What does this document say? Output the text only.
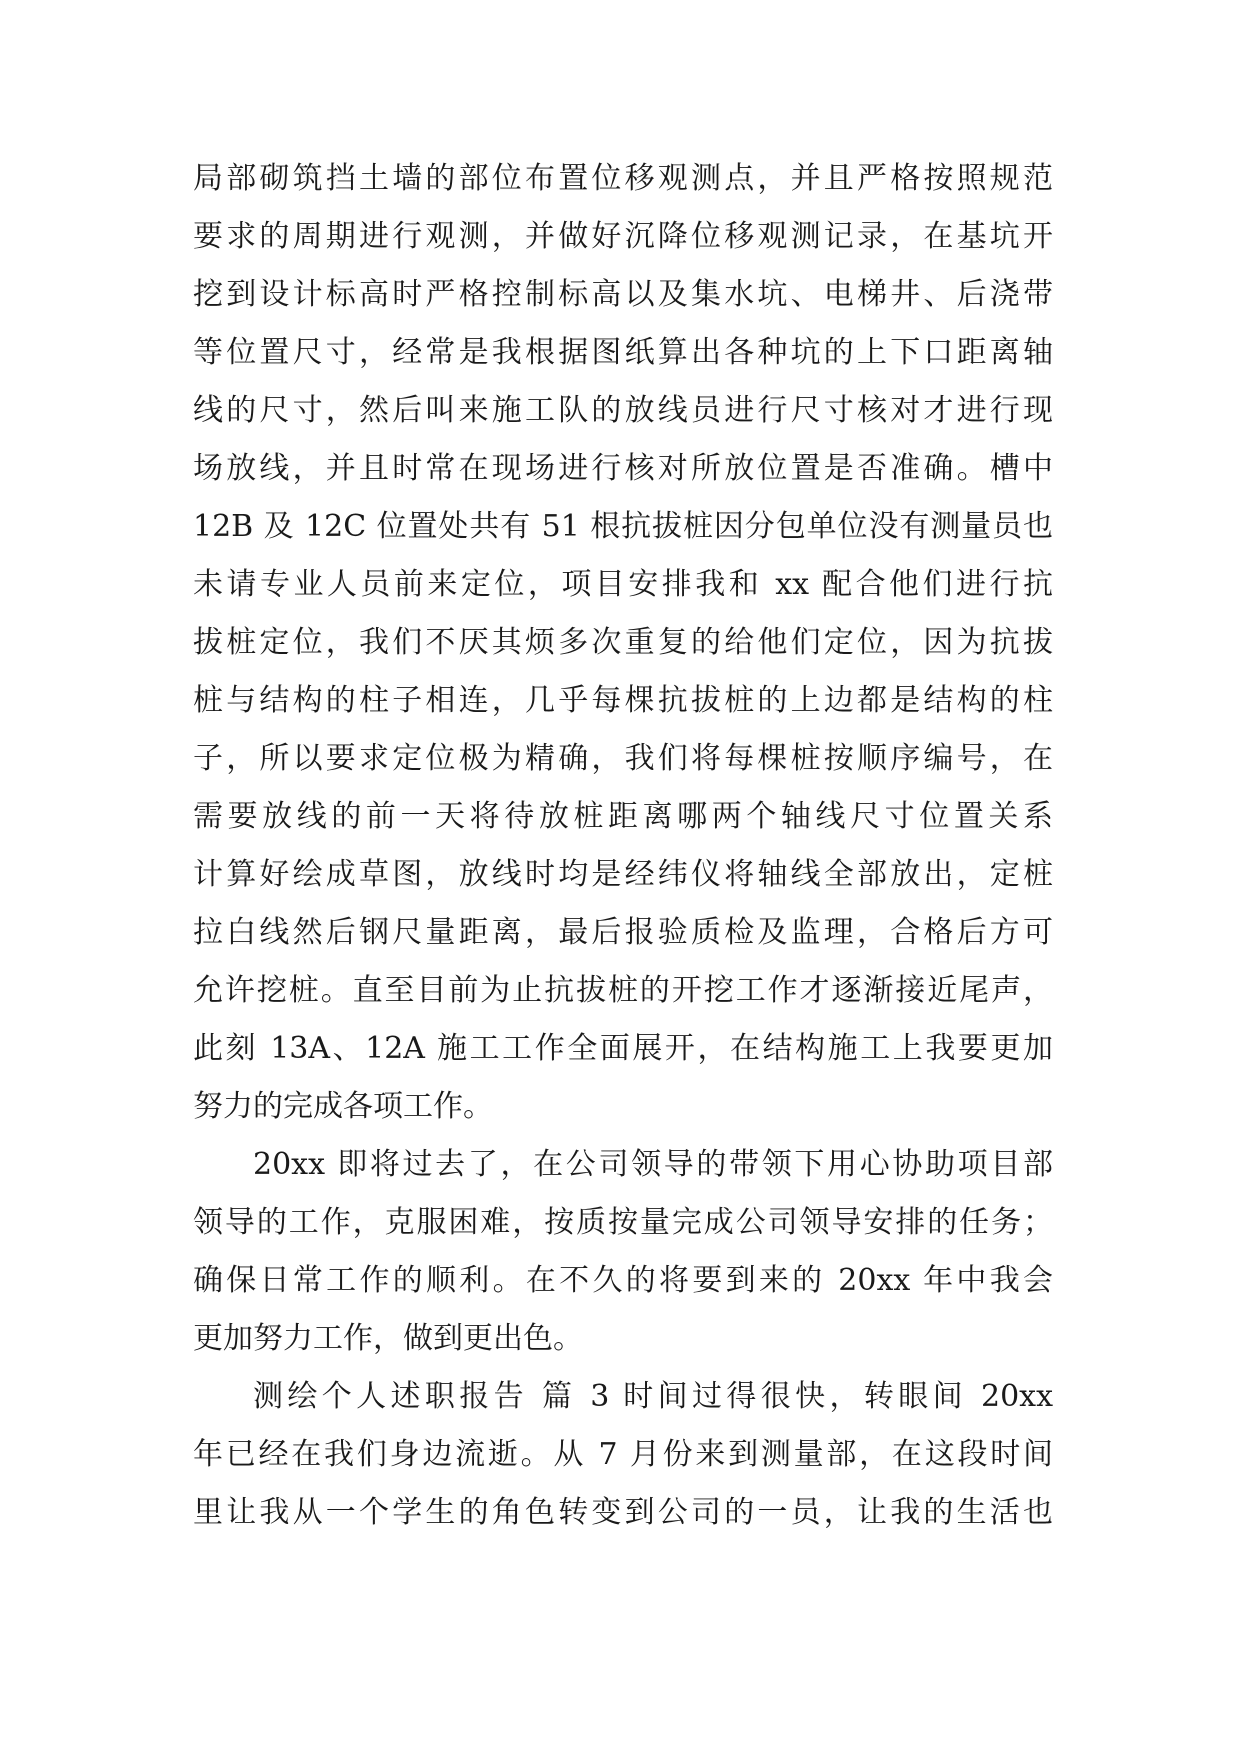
局部砌筑挡土墙的部位布置位移观测点，并且严格按照规范
要求的周期进行观测，并做好沉降位移观测记录，在基坑开
挖到设计标高时严格控制标高以及集水坑、电梯井、后浇带
等位置尺寸，经常是我根据图纸算出各种坑的上下口距离轴
线的尺寸，然后叫来施工队的放线员进行尺寸核对才进行现
场放线，并且时常在现场进行核对所放位置是否准确。槽中
12B 及 12C 位置处共有 51 根抗拔桩因分包单位没有测量员也
未请专业人员前来定位，项目安排我和 xx 配合他们进行抗
拔桩定位，我们不厌其烦多次重复的给他们定位，因为抗拔
桩与结构的柱子相连，几乎每棵抗拔桩的上边都是结构的柱
子，所以要求定位极为精确，我们将每棵桩按顺序编号，在
需要放线的前一天将待放桩距离哪两个轴线尺寸位置关系
计算好绘成草图，放线时均是经纬仪将轴线全部放出，定桩
拉白线然后钢尺量距离，最后报验质检及监理，合格后方可
允许挖桩。直至目前为止抗拔桩的开挖工作才逐渐接近尾声，
此刻 13A、12A 施工工作全面展开，在结构施工上我要更加
努力的完成各项工作。
20xx 即将过去了，在公司领导的带领下用心协助项目部
领导的工作，克服困难，按质按量完成公司领导安排的任务；
确保日常工作的顺利。在不久的将要到来的 20xx 年中我会
更加努力工作，做到更出色。
测绘个人述职报告 篇 3 时间过得很快，转眼间 20xx
年已经在我们身边流逝。从 7 月份来到测量部，在这段时间
里让我从一个学生的角色转变到公司的一员，让我的生活也
